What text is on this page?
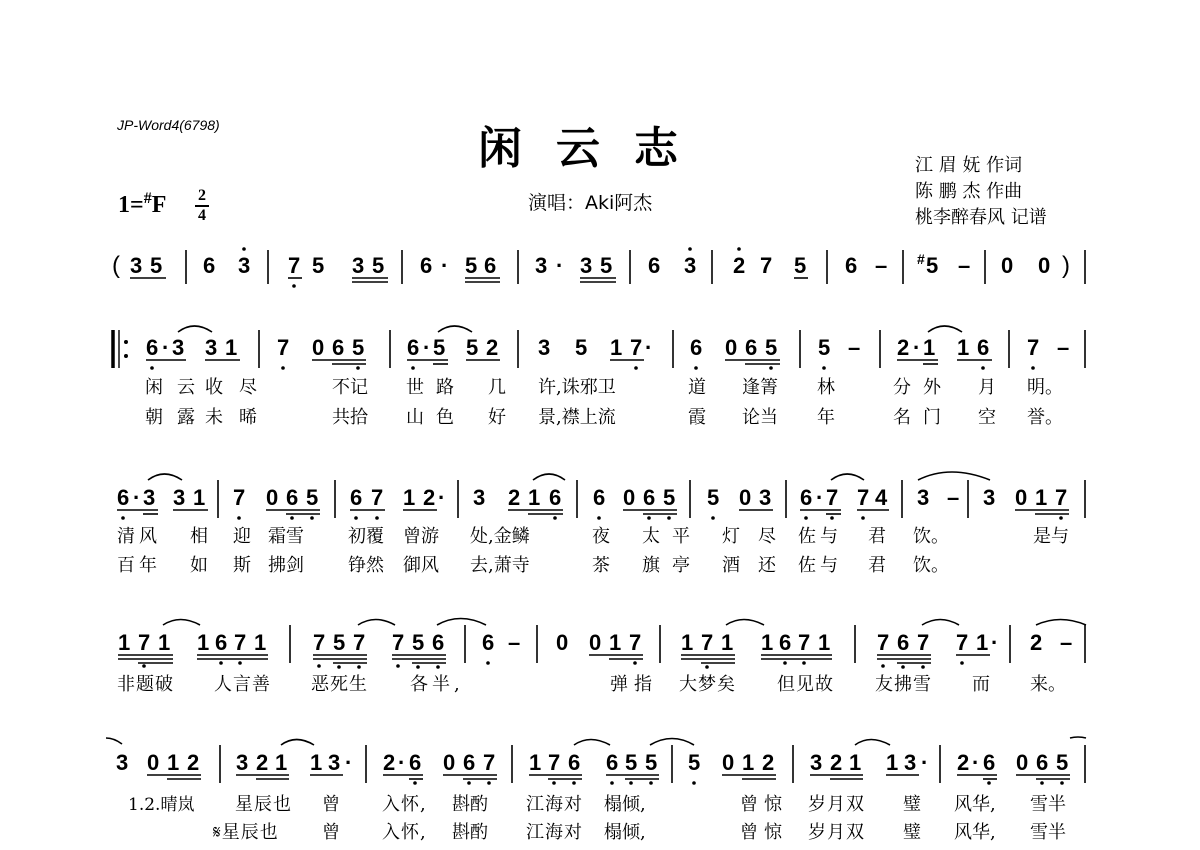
JP-Word4(6798)	闲云志
1=#F 2
4
演唱：Aki阿杰
江 眉 妩 作词
陈 鹏 杰 作曲
桃李醉春风 记谱
( 3 5 6 3 7 5 3 5 6 · 5 6 3 · 3 5 6 3 2 7 5 6 – # 5 – 0 0 )
6 · 3 3 1 7 0 6 5 6 · 5 5 2 3 5 1 7 · 6 0 6 5 5 – 2 · 1 1 6 7 –
闲云
收尽	不记 世路 几 许,诛邪卫	道 逢箐 林	分外 月 明。
朝露
未晞	共拾 山色 好 景,襟上流	霞 论当 年	名门 空 誉。
6 · 3 3 1 7 0 6 5 6 7 1 2 · 3 2 1 6 6 0 6 5 5 0 3 6 · 7 7 4 3 – 3 0 1 7
清风 相 迎 霜雪 初覆 曾游 处,金鳞	夜 太平 灯 尽 佐与 君 饮。	是与
百年 如 斯 拂剑 铮然 御风 去,萧寺	茶 旗亭 酒 还 佐与 君 饮。
1 7 1 1 6 7 1 7 5 7 7 5 6 6 – 0 0 1 7 1 7 1 1 6 7 1 7 6 7 7 1 · 2 –
非题破 人言善 恶死生 各半,	弹指 大梦矣 但见故 友拂雪 而 来。
3 0 1 2 3 2 1 1 3 · 2 · 6 0 6 7 1 7 6 6 5 5 5 0 1 2 3 2 1 1 3 · 2 · 6 0 6 5
1.2.晴岚 星辰也 曾 入怀, 斟酌 江海对 榻倾,	曾惊 岁月双 璧 风华, 雪半
𝄋星辰也 曾 入怀, 斟酌 江海对 榻倾,	曾惊 岁月双 璧 风华, 雪半
